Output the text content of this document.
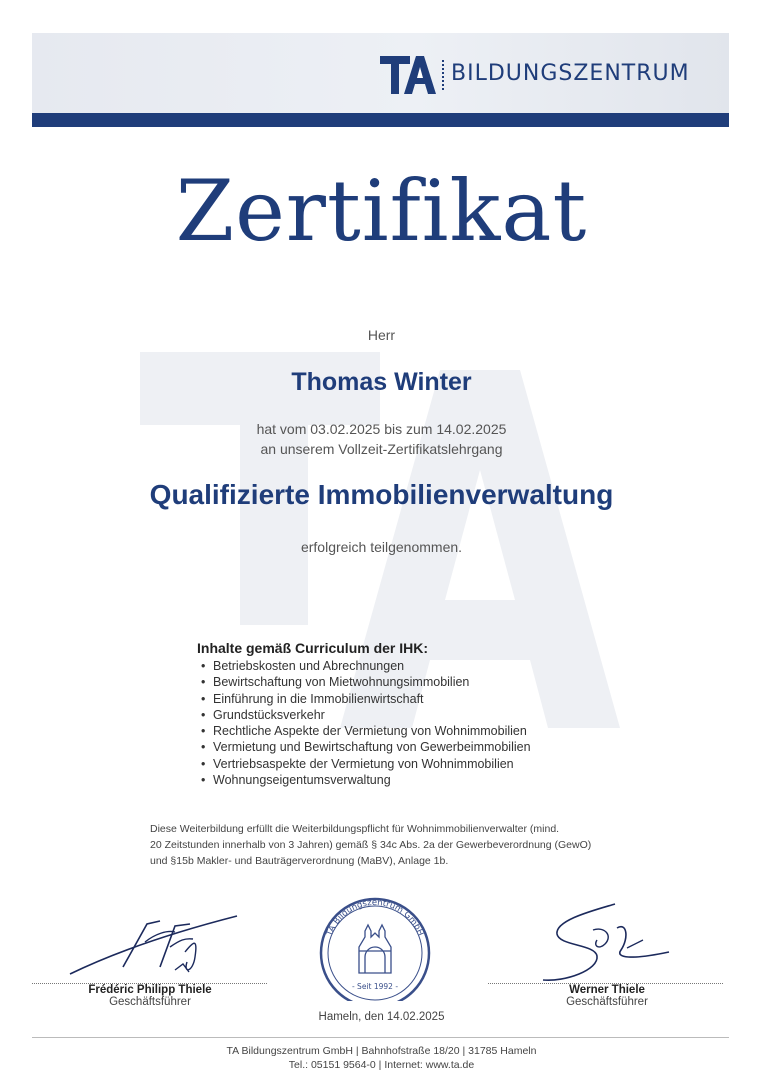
BILDUNGSZENTRUM
Zertifikat
Herr
Thomas Winter
hat vom 03.02.2025 bis zum 14.02.2025
an unserem Vollzeit-Zertifikatslehrgang
Qualifizierte Immobilienverwaltung
erfolgreich teilgenommen.
Inhalte gemäß Curriculum der IHK:
• Betriebskosten und Abrechnungen
• Bewirtschaftung von Mietwohnungsimmobilien
• Einführung in die Immobilienwirtschaft
• Grundstücksverkehr
• Rechtliche Aspekte der Vermietung von Wohnimmobilien
• Vermietung und Bewirtschaftung von Gewerbeimmobilien
• Vertriebsaspekte der Vermietung von Wohnimmobilien
• Wohnungseigentumsverwaltung
Diese Weiterbildung erfüllt die Weiterbildungspflicht für Wohnimmobilienverwalter (mind.
20 Zeitstunden innerhalb von 3 Jahren) gemäß § 34c Abs. 2a der Gewerbeverordnung (GewO)
und §15b Makler- und Bauträgerverordnung (MaBV), Anlage 1b.
Frédéric Philipp Thiele
Geschäftsführer
TA Bildungszentrum GmbH
- Seit 1992 -	Werner Thiele
Geschäftsführer
Hameln, den 14.02.2025
TA Bildungszentrum GmbH | Bahnhofstraße 18/20 | 31785 Hameln
Tel.: 05151 9564-0 | Internet: www.ta.de
